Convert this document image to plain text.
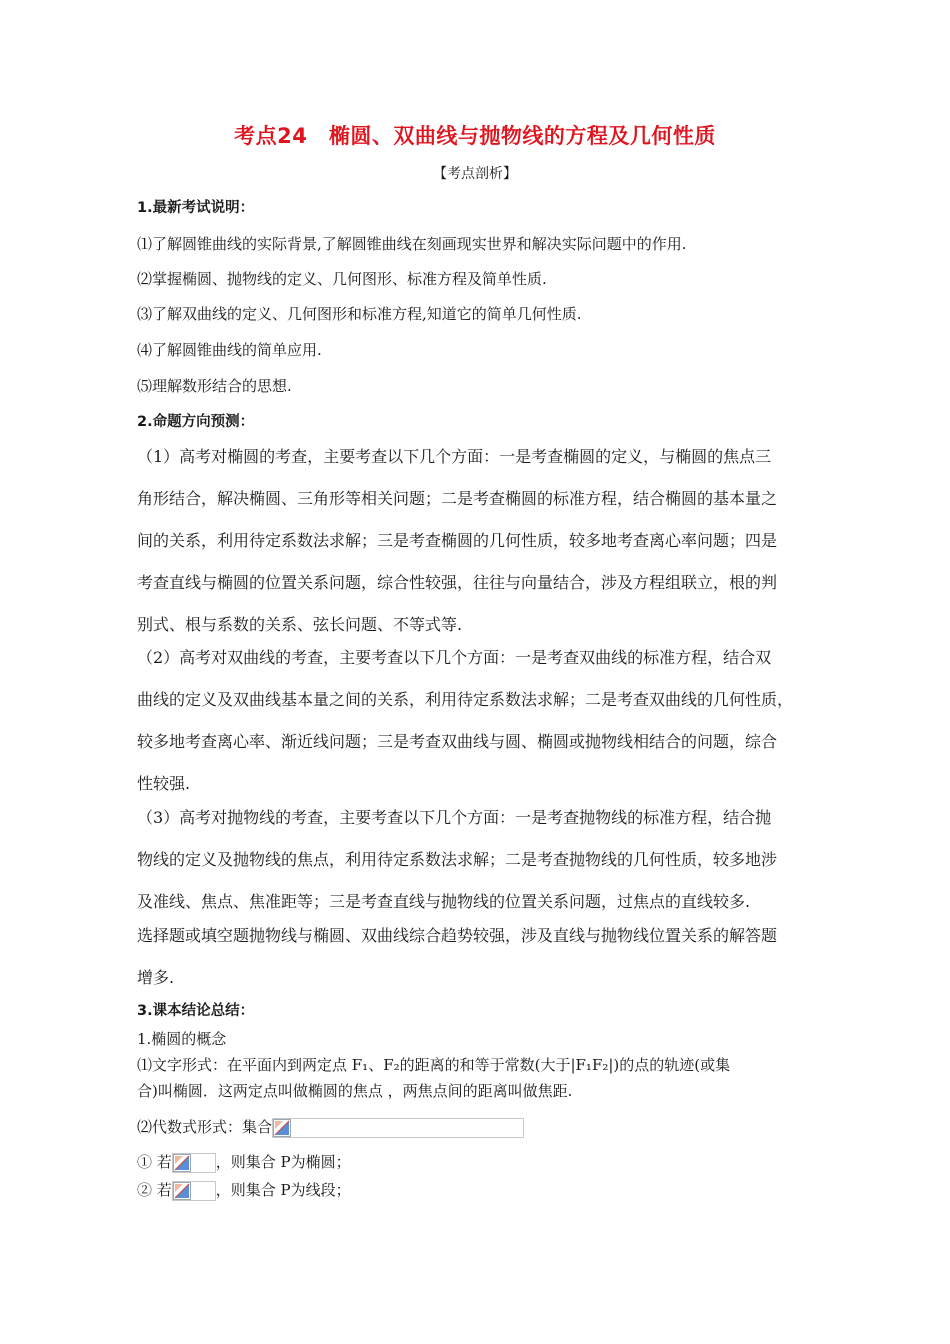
考点24　椭圆、双曲线与抛物线的方程及几何性质
【考点剖析】
1.最新考试说明：
⑴了解圆锥曲线的实际背景,了解圆锥曲线在刻画现实世界和解决实际问题中的作用.
⑵掌握椭圆、抛物线的定义、几何图形、标准方程及简单性质.
⑶了解双曲线的定义、几何图形和标准方程,知道它的简单几何性质.
⑷了解圆锥曲线的简单应用.
⑸理解数形结合的思想.
2.命题方向预测：
（1）高考对椭圆的考查，主要考查以下几个方面：一是考查椭圆的定义，与椭圆的焦点三
角形结合，解决椭圆、三角形等相关问题；二是考查椭圆的标准方程，结合椭圆的基本量之
间的关系，利用待定系数法求解；三是考查椭圆的几何性质，较多地考查离心率问题；四是
考查直线与椭圆的位置关系问题，综合性较强，往往与向量结合，涉及方程组联立，根的判
别式、根与系数的关系、弦长问题、不等式等.
（2）高考对双曲线的考查，主要考查以下几个方面：一是考查双曲线的标准方程，结合双
曲线的定义及双曲线基本量之间的关系，利用待定系数法求解；二是考查双曲线的几何性质，
较多地考查离心率、渐近线问题；三是考查双曲线与圆、椭圆或抛物线相结合的问题，综合
性较强.
（3）高考对抛物线的考查，主要考查以下几个方面：一是考查抛物线的标准方程，结合抛
物线的定义及抛物线的焦点，利用待定系数法求解；二是考查抛物线的几何性质，较多地涉
及准线、焦点、焦准距等；三是考查直线与抛物线的位置关系问题，过焦点的直线较多.
选择题或填空题抛物线与椭圆、双曲线综合趋势较强，涉及直线与抛物线位置关系的解答题
增多.
3.课本结论总结：
1.椭圆的概念
⑴文字形式：在平面内到两定点 F₁、F₂的距离的和等于常数(大于|F₁F₂|)的点的轨迹(或集
合)叫椭圆．这两定点叫做椭圆的焦点 ，两焦点间的距离叫做焦距.
⑵代数式形式：集合
① 若	，则集合 P为椭圆；
② 若	，则集合 P为线段；
